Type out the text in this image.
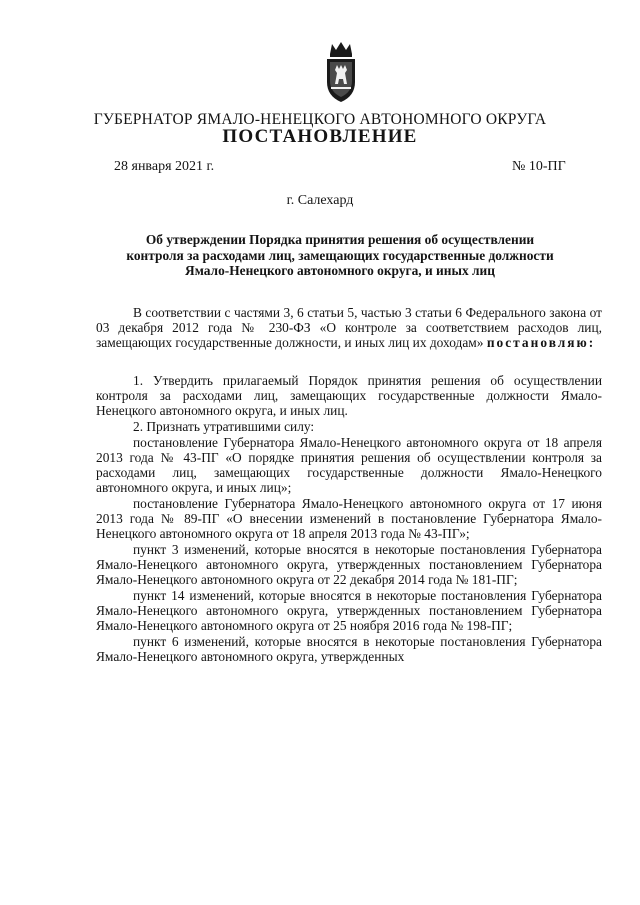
ГУБЕРНАТОР ЯМАЛО-НЕНЕЦКОГО АВТОНОМНОГО ОКРУГА
ПОСТАНОВЛЕНИЕ
28 января 2021 г.	№ 10-ПГ
г. Салехард
Об утверждении Порядка принятия решения об осуществлении контроля за расходами лиц, замещающих государственные должности Ямало-Ненецкого автономного округа, и иных лиц

В соответствии с частями 3, 6 статьи 5, частью 3 статьи 6 Федерального закона от 03 декабря 2012 года № 230-ФЗ «О контроле за соответствием расходов лиц, замещающих государственные должности, и иных лиц их доходам» постановляю:

1. Утвердить прилагаемый Порядок принятия решения об осуществлении контроля за расходами лиц, замещающих государственные должности Ямало-Ненецкого автономного округа, и иных лиц.

2. Признать утратившими силу:

постановление Губернатора Ямало-Ненецкого автономного округа от 18 апреля 2013 года № 43-ПГ «О порядке принятия решения об осуществлении контроля за расходами лиц, замещающих государственные должности Ямало-Ненецкого автономного округа, и иных лиц»;

постановление Губернатора Ямало-Ненецкого автономного округа от 17 июня 2013 года № 89-ПГ «О внесении изменений в постановление Губернатора Ямало-Ненецкого автономного округа от 18 апреля 2013 года № 43-ПГ»;

пункт 3 изменений, которые вносятся в некоторые постановления Губернатора Ямало-Ненецкого автономного округа, утвержденных постановлением Губернатора Ямало-Ненецкого автономного округа от 22 декабря 2014 года № 181-ПГ;

пункт 14 изменений, которые вносятся в некоторые постановления Губернатора Ямало-Ненецкого автономного округа, утвержденных постановлением Губернатора Ямало-Ненецкого автономного округа от 25 ноября 2016 года № 198-ПГ;

пункт 6 изменений, которые вносятся в некоторые постановления Губернатора Ямало-Ненецкого автономного округа, утвержденных
